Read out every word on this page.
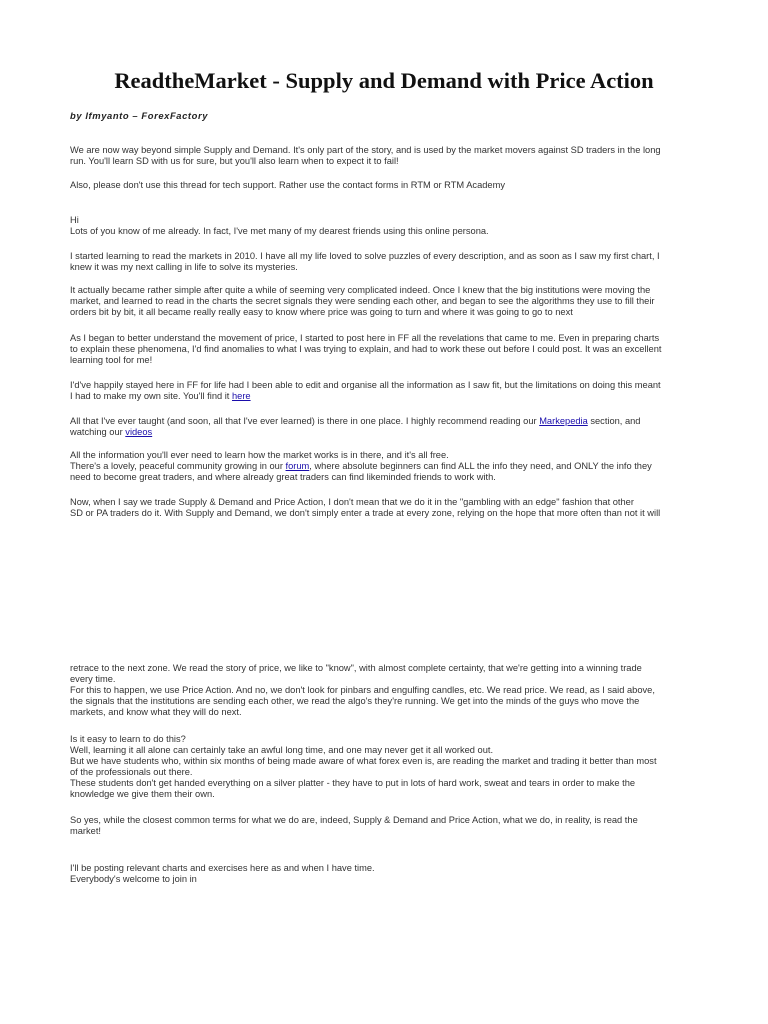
ReadtheMarket - Supply and Demand with Price Action

by lfmyanto – ForexFactory

We are now way beyond simple Supply and Demand. It's only part of the story, and is used by the market movers against SD traders in the long
run. You'll learn SD with us for sure, but you'll also learn when to expect it to fail!
Also, please don't use this thread for tech support. Rather use the contact forms in RTM or RTM Academy
Hi
Lots of you know of me already. In fact, I've met many of my dearest friends using this online persona.
I started learning to read the markets in 2010. I have all my life loved to solve puzzles of every description, and as soon as I saw my first chart, I
knew it was my next calling in life to solve its mysteries.
It actually became rather simple after quite a while of seeming very complicated indeed. Once I knew that the big institutions were moving the
market, and learned to read in the charts the secret signals they were sending each other, and began to see the algorithms they use to fill their
orders bit by bit, it all became really really easy to know where price was going to turn and where it was going to go to next
As I began to better understand the movement of price, I started to post here in FF all the revelations that came to me. Even in preparing charts
to explain these phenomena, I'd find anomalies to what I was trying to explain, and had to work these out before I could post. It was an excellent
learning tool for me!
I'd've happily stayed here in FF for life had I been able to edit and organise all the information as I saw fit, but the limitations on doing this meant
I had to make my own site. You'll find it here
All that I've ever taught (and soon, all that I've ever learned) is there in one place. I highly recommend reading our Markepedia section, and
watching our videos
All the information you'll ever need to learn how the market works is in there, and it's all free.
There's a lovely, peaceful community growing in our forum, where absolute beginners can find ALL the info they need, and ONLY the info they
need to become great traders, and where already great traders can find likeminded friends to work with.
Now, when I say we trade Supply & Demand and Price Action, I don't mean that we do it in the "gambling with an edge" fashion that other
SD or PA traders do it. With Supply and Demand, we don't simply enter a trade at every zone, relying on the hope that more often than not it will
retrace to the next zone. We read the story of price, we like to "know", with almost complete certainty, that we're getting into a winning trade
every time.
For this to happen, we use Price Action. And no, we don't look for pinbars and engulfing candles, etc. We read price. We read, as I said above,
the signals that the institutions are sending each other, we read the algo's they're running. We get into the minds of the guys who move the
markets, and know what they will do next.
Is it easy to learn to do this?
Well, learning it all alone can certainly take an awful long time, and one may never get it all worked out.
But we have students who, within six months of being made aware of what forex even is, are reading the market and trading it better than most
of the professionals out there.
These students don't get handed everything on a silver platter - they have to put in lots of hard work, sweat and tears in order to make the
knowledge we give them their own.
So yes, while the closest common terms for what we do are, indeed, Supply & Demand and Price Action, what we do, in reality, is read the
market!
I'll be posting relevant charts and exercises here as and when I have time.
Everybody's welcome to join in
